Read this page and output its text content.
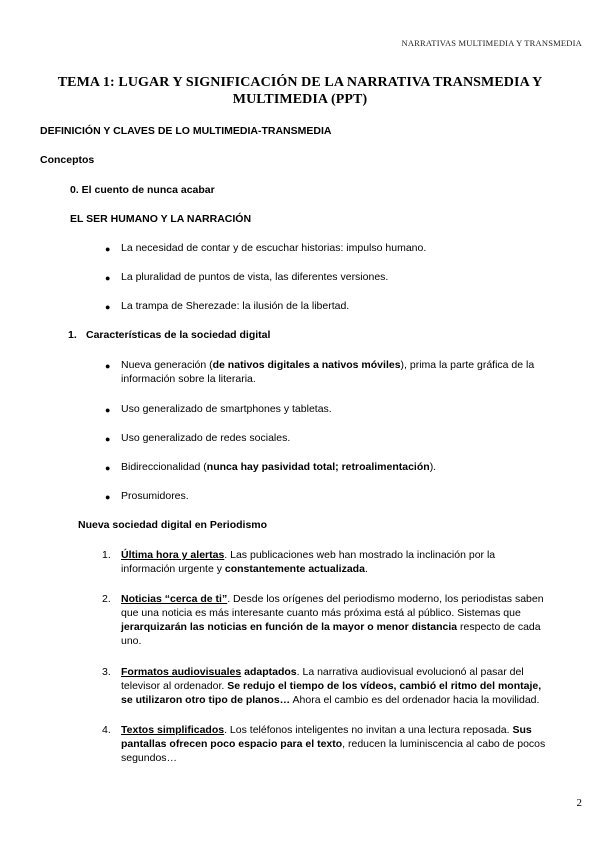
NARRATIVAS MULTIMEDIA Y TRANSMEDIA
TEMA 1: LUGAR Y SIGNIFICACIÓN DE LA NARRATIVA TRANSMEDIA Y MULTIMEDIA (PPT)
DEFINICIÓN Y CLAVES DE LO MULTIMEDIA-TRANSMEDIA
Conceptos
0. El cuento de nunca acabar
EL SER HUMANO Y LA NARRACIÓN
● La necesidad de contar y de escuchar historias: impulso humano.
● La pluralidad de puntos de vista, las diferentes versiones.
● La trampa de Sherezade: la ilusión de la libertad.
1. Características de la sociedad digital
● Nueva generación (de nativos digitales a nativos móviles), prima la parte gráfica de la
información sobre la literaria.
● Uso generalizado de smartphones y tabletas.
● Uso generalizado de redes sociales.
● Bidireccionalidad (nunca hay pasividad total; retroalimentación).
● Prosumidores.
Nueva sociedad digital en Periodismo
1. Última hora y alertas. Las publicaciones web han mostrado la inclinación por la
información urgente y constantemente actualizada.
2. Noticias “cerca de ti”. Desde los orígenes del periodismo moderno, los periodistas saben
que una noticia es más interesante cuanto más próxima está al público. Sistemas que
jerarquizarán las noticias en función de la mayor o menor distancia respecto de cada
uno.
3. Formatos audiovisuales adaptados. La narrativa audiovisual evolucionó al pasar del
televisor al ordenador. Se redujo el tiempo de los vídeos, cambió el ritmo del montaje,
se utilizaron otro tipo de planos… Ahora el cambio es del ordenador hacia la movilidad.
4. Textos simplificados. Los teléfonos inteligentes no invitan a una lectura reposada. Sus
pantallas ofrecen poco espacio para el texto, reducen la luminiscencia al cabo de pocos
segundos…
2
